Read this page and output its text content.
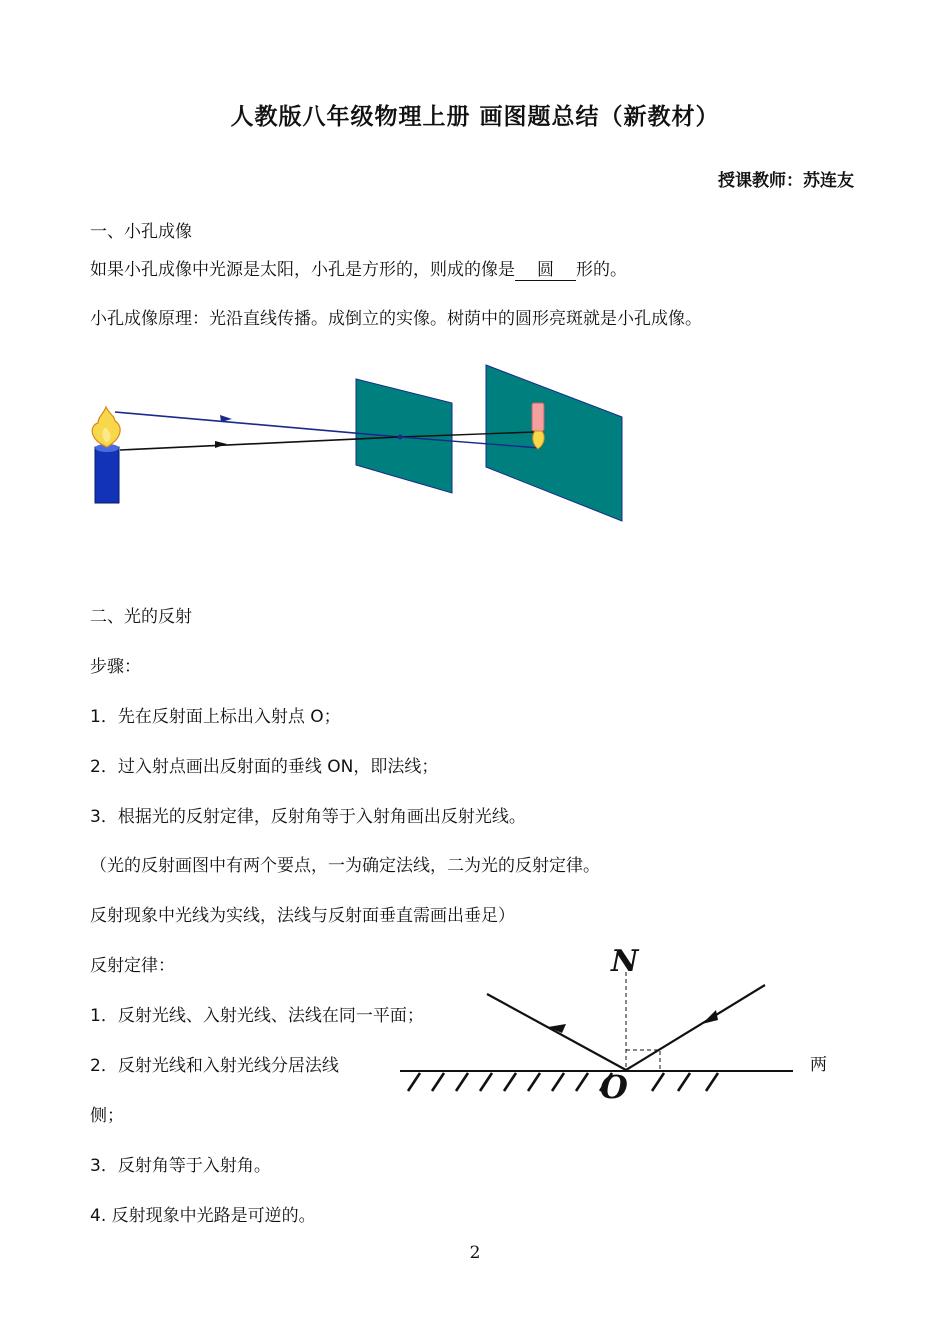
人教版八年级物理上册 画图题总结（新教材）
授课教师：苏连友
一、小孔成像
如果小孔成像中光源是太阳，小孔是方形的，则成的像是 圆 形的。
小孔成像原理：光沿直线传播。成倒立的实像。树荫中的圆形亮斑就是小孔成像。
二、光的反射
步骤：
1．先在反射面上标出入射点 O；
2．过入射点画出反射面的垂线 ON，即法线；
3．根据光的反射定律，反射角等于入射角画出反射光线。
（光的反射画图中有两个要点，一为确定法线，二为光的反射定律。
反射现象中光线为实线，法线与反射面垂直需画出垂足）
反射定律：
1．反射光线、入射光线、法线在同一平面；
2．反射光线和入射光线分居法线	两
侧；
3．反射角等于入射角。
4. 反射现象中光路是可逆的。
N
O
2
